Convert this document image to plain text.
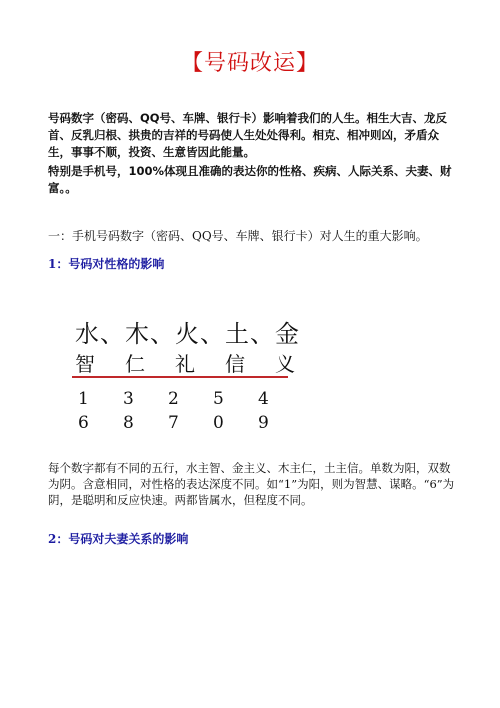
【号码改运】
号码数字（密码、QQ号、车牌、银行卡）影响着我们的人生。相生大吉、龙反首、反乳归根、拱贵的吉祥的号码使人生处处得利。相克、相冲则凶，矛盾众生，事事不顺，投资、生意皆因此能量。
特别是手机号，100%体现且准确的表达你的性格、疾病、人际关系、夫妻、财富。。
一：手机号码数字（密码、QQ号、车牌、银行卡）对人生的重大影响。
1：号码对性格的影响
水、木、火、土、金
智 仁 礼 信 义
1	3	2	5	4
6	8	7	0	9
每个数字都有不同的五行，水主智、金主义、木主仁，土主信。单数为阳，双数为阴。含意相同，对性格的表达深度不同。如“1”为阳，则为智慧、谋略。“6”为阴，是聪明和反应快速。两都皆属水，但程度不同。
2：号码对夫妻关系的影响
